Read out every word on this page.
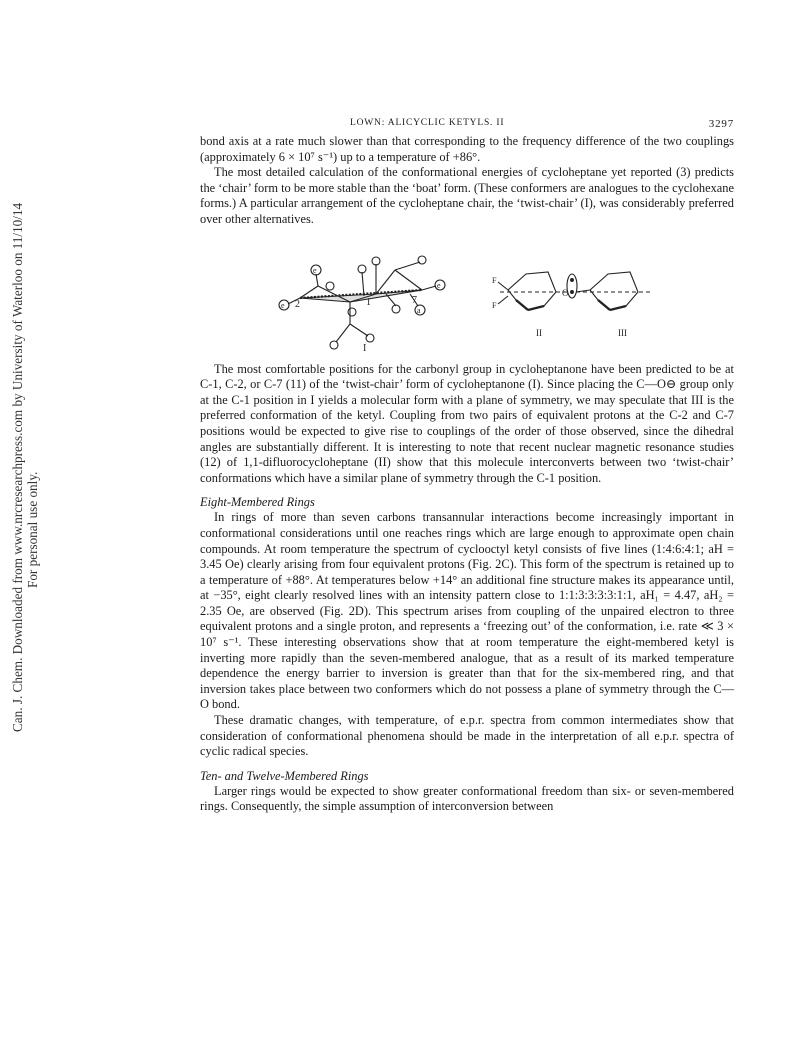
Can. J. Chem. Downloaded from www.nrcresearchpress.com by University of Waterloo on 11/10/14 For personal use only.
LOWN: ALICYCLIC KETYLS. II	3297

bond axis at a rate much slower than that corresponding to the frequency difference of the two couplings (approximately 6 × 10⁷ s⁻¹) up to a temperature of +86°.

The most detailed calculation of the conformational energies of cycloheptane yet reported (3) predicts the ‘chair’ form to be more stable than the ‘boat’ form. (These conformers are analogues to the cyclohexane forms.) A particular arrangement of the cycloheptane chair, the ‘twist-chair’ (I), was considerably preferred over other alternatives.

e
e
e
a
1
2	7
I
F
F
II
O
III

The most comfortable positions for the carbonyl group in cycloheptanone have been predicted to be at C-1, C-2, or C-7 (11) of the ‘twist-chair’ form of cycloheptanone (I). Since placing the C—O⊖ group only at the C-1 position in I yields a molecular form with a plane of symmetry, we may speculate that III is the preferred conformation of the ketyl. Coupling from two pairs of equivalent protons at the C-2 and C-7 positions would be expected to give rise to couplings of the order of those observed, since the dihedral angles are substantially different. It is interesting to note that recent nuclear magnetic resonance studies (12) of 1,1-difluorocycloheptane (II) show that this molecule interconverts between two ‘twist-chair’ conformations which have a similar plane of symmetry through the C-1 position.

Eight-Membered Rings

In rings of more than seven carbons transannular interactions become increasingly important in conformational considerations until one reaches rings which are large enough to approximate open chain compounds. At room temperature the spectrum of cyclooctyl ketyl consists of five lines (1:4:6:4:1; aH = 3.45 Oe) clearly arising from four equivalent protons (Fig. 2C). This form of the spectrum is retained up to a temperature of +88°. At temperatures below +14° an additional fine structure makes its appearance until, at −35°, eight clearly resolved lines with an intensity pattern close to 1:1:3:3:3:3:1:1, aH₁ = 4.47, aH₂ = 2.35 Oe, are observed (Fig. 2D). This spectrum arises from coupling of the unpaired electron to three equivalent protons and a single proton, and represents a ‘freezing out’ of the conformation, i.e. rate ≪ 3 × 10⁷ s⁻¹. These interesting observations show that at room temperature the eight-membered ketyl is inverting more rapidly than the seven-membered analogue, that as a result of its marked temperature dependence the energy barrier to inversion is greater than that for the six-membered ring, and that inversion takes place between two conformers which do not possess a plane of symmetry through the C—O bond.

These dramatic changes, with temperature, of e.p.r. spectra from common intermediates show that consideration of conformational phenomena should be made in the interpretation of all e.p.r. spectra of cyclic radical species.

Ten- and Twelve-Membered Rings

Larger rings would be expected to show greater conformational freedom than six- or seven-membered rings. Consequently, the simple assumption of interconversion between
